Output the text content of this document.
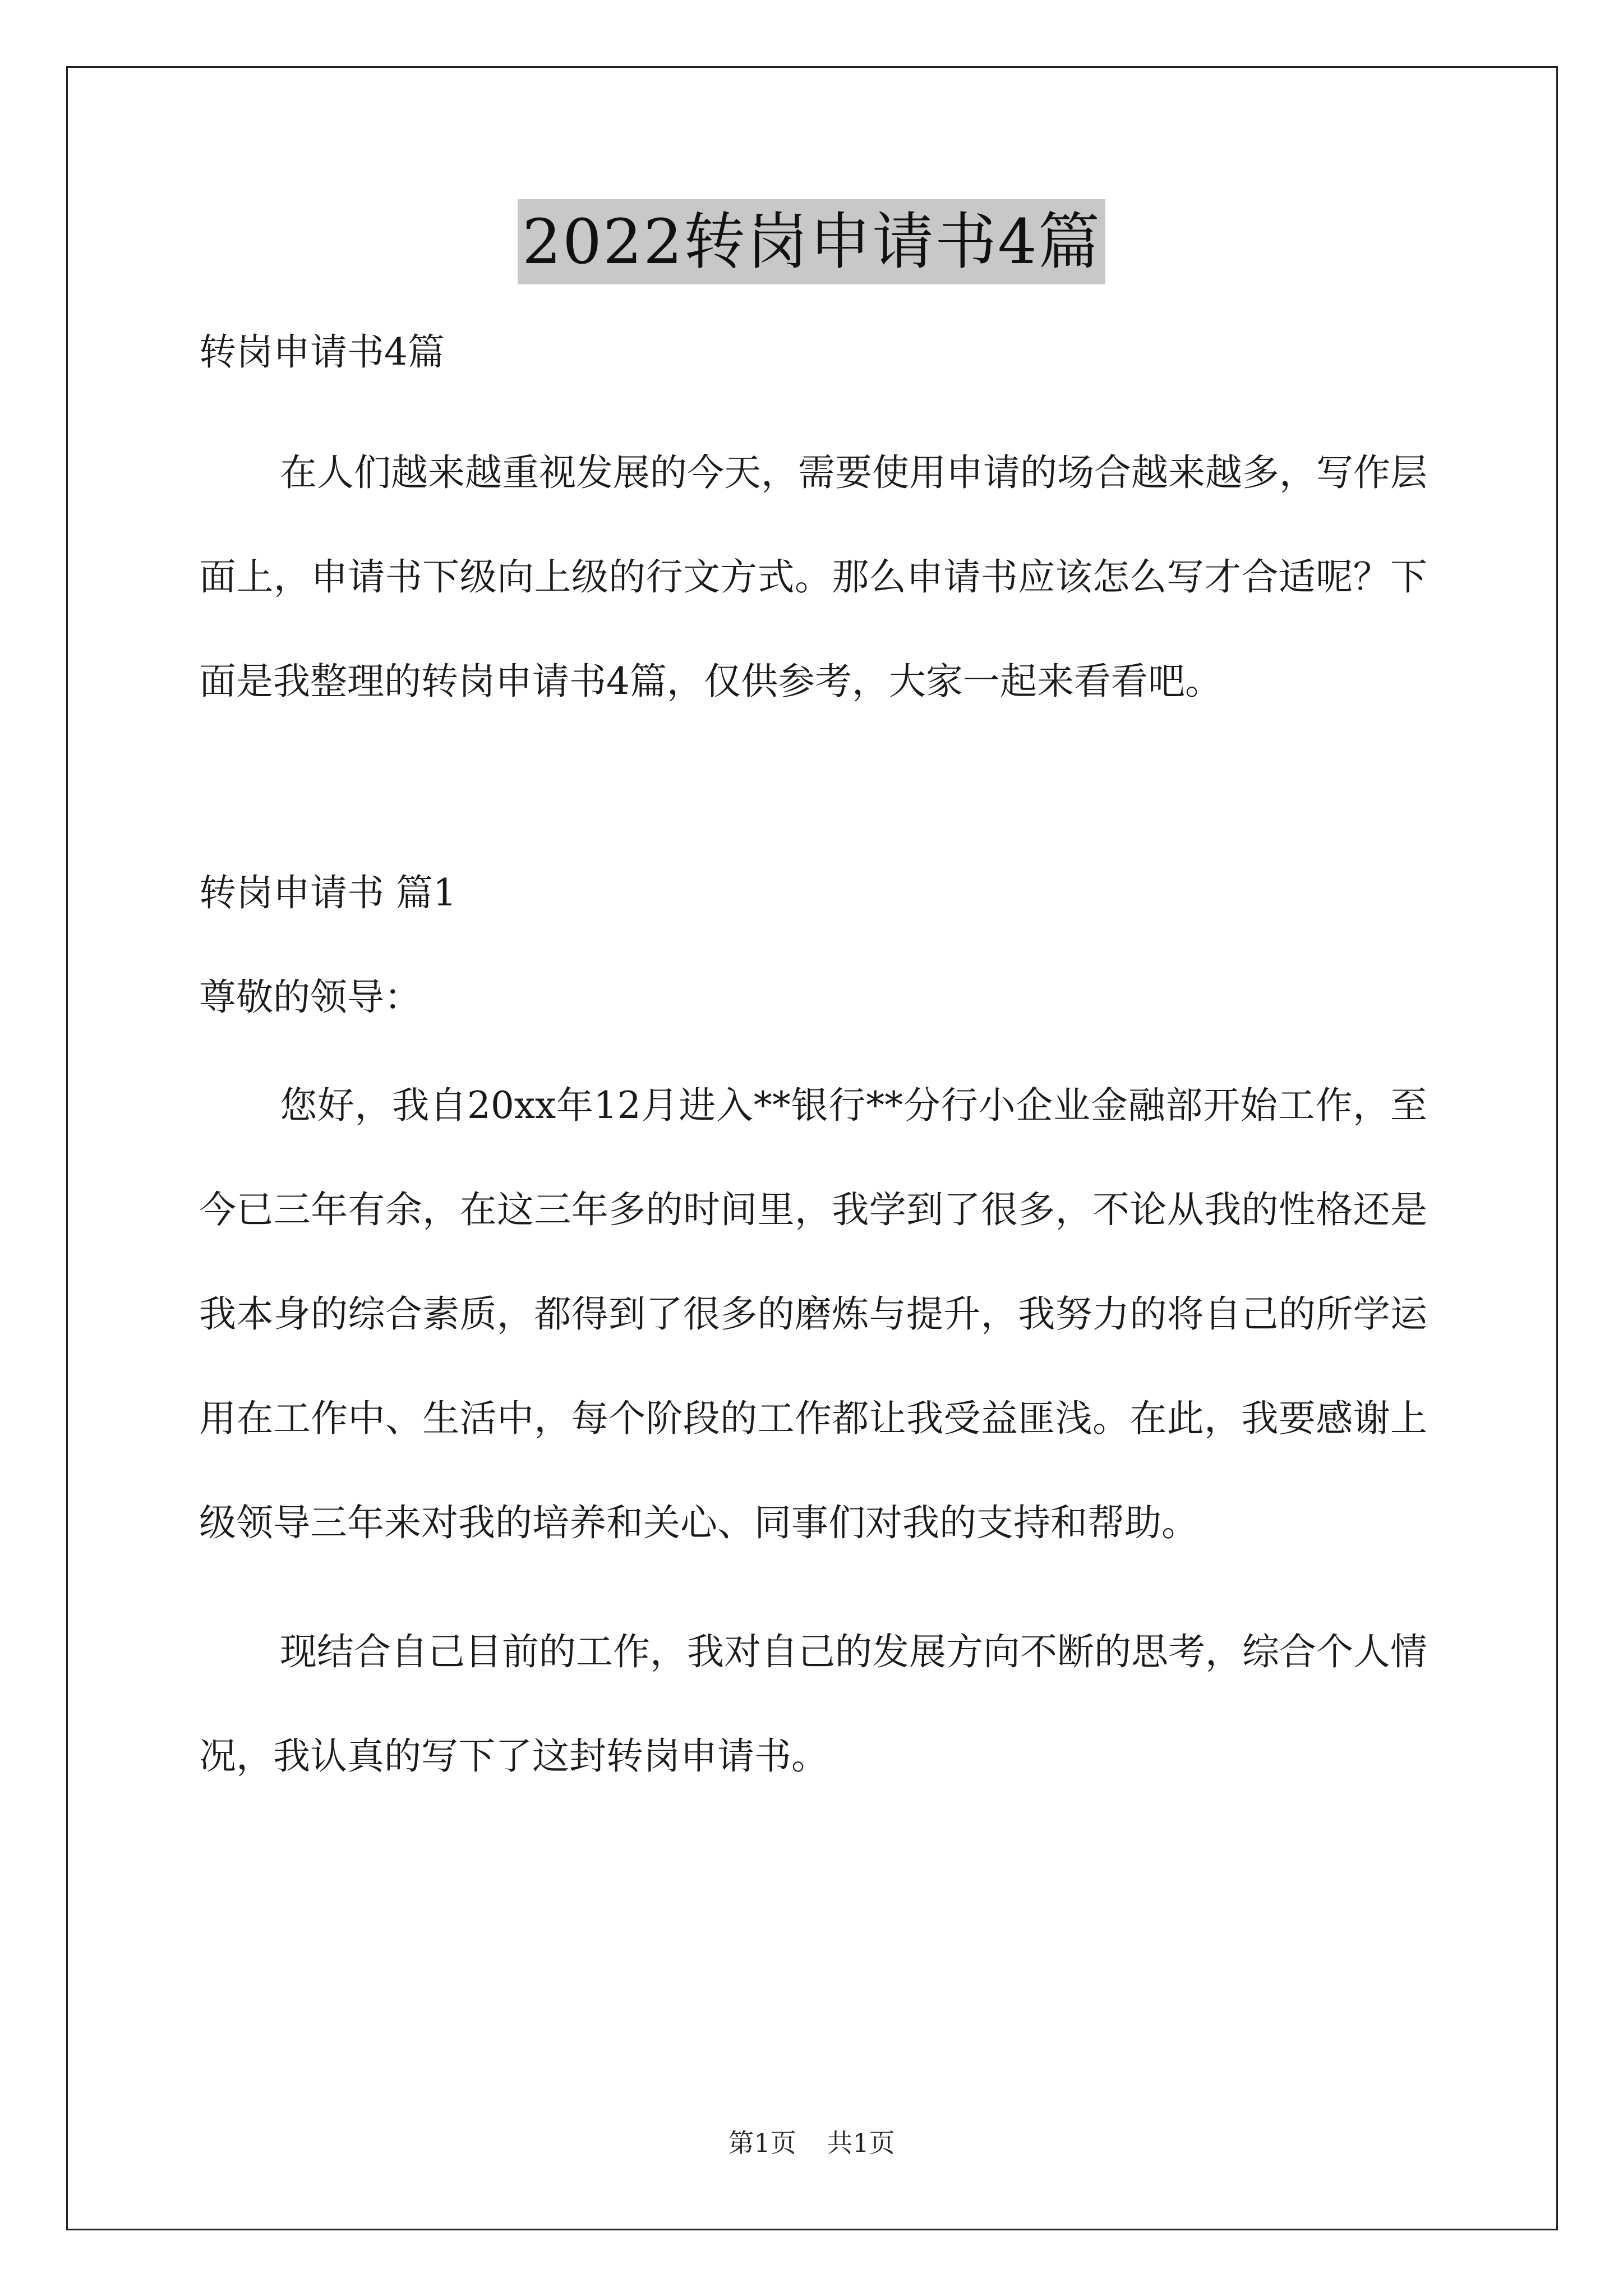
2022转岗申请书4篇

转岗申请书4篇

在人们越来越重视发展的今天，需要使用申请的场合越来越多，写作层面上，申请书下级向上级的行文方式。那么申请书应该怎么写才合适呢？下面是我整理的转岗申请书4篇，仅供参考，大家一起来看看吧。

转岗申请书 篇1

尊敬的领导：

您好，我自20xx年12月进入**银行**分行小企业金融部开始工作，至今已三年有余，在这三年多的时间里，我学到了很多，不论从我的性格还是我本身的综合素质，都得到了很多的磨炼与提升，我努力的将自己的所学运用在工作中、生活中，每个阶段的工作都让我受益匪浅。在此，我要感谢上级领导三年来对我的培养和关心、同事们对我的支持和帮助。

现结合自己目前的工作，我对自己的发展方向不断的思考，综合个人情况，我认真的写下了这封转岗申请书。

第1页 共1页
